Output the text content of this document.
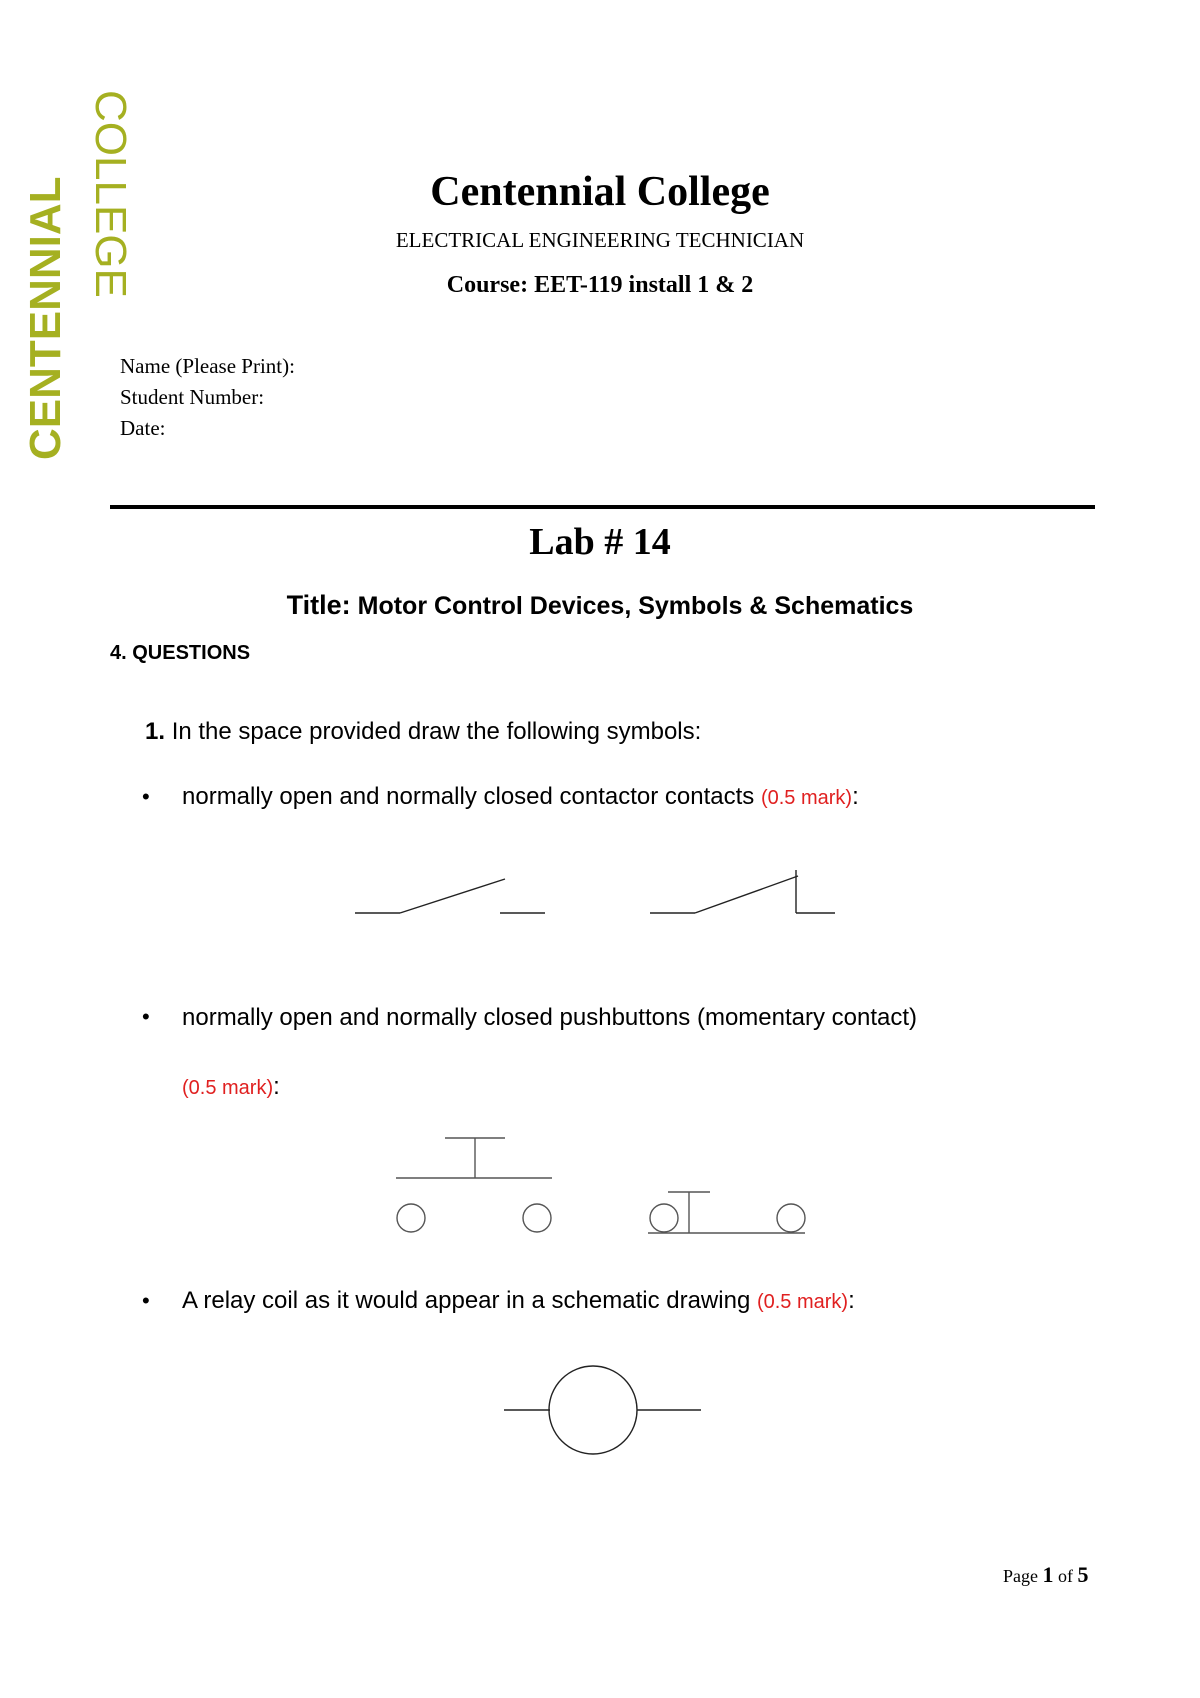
COLLEGE
CENTENNIAL	Centennial College
ELECTRICAL ENGINEERING TECHNICIAN
Course: EET-119 install 1 & 2
Name (Please Print):
Student Number:
Date:
Lab # 14
Title: Motor Control Devices, Symbols & Schematics
4. QUESTIONS
1. In the space provided draw the following symbols:
• normally open and normally closed contactor contacts (0.5 mark):
• normally open and normally closed pushbuttons (momentary contact)
(0.5 mark):
• A relay coil as it would appear in a schematic drawing (0.5 mark):
Page 1 of 5
